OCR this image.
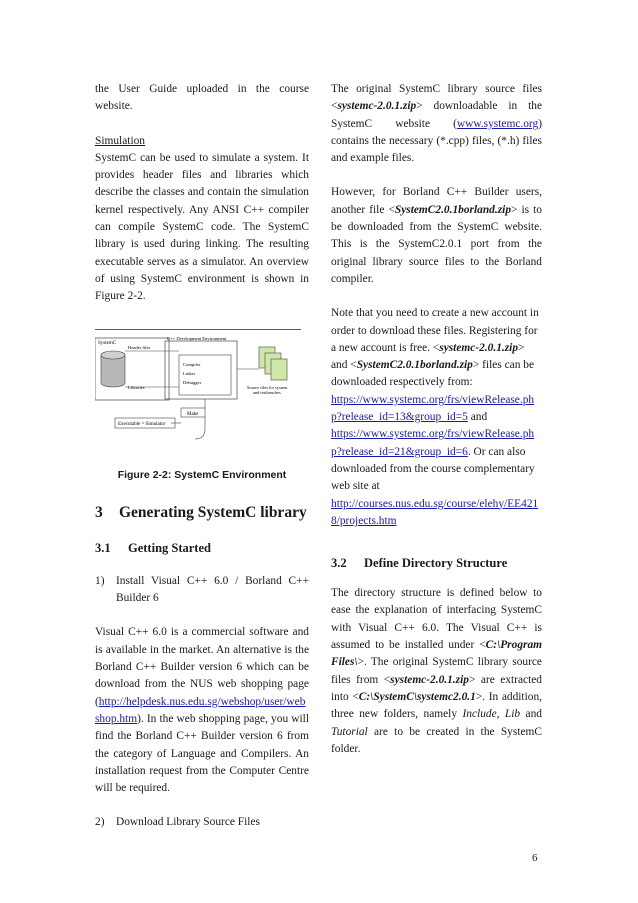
the User Guide uploaded in the course website.

Simulation

SystemC can be used to simulate a system. It provides header files and libraries which describe the classes and contain the simulation kernel respectively. Any ANSI C++ compiler can compile SystemC code. The SystemC library is used during linking. The resulting executable serves as a simulator. An overview of using SystemC environment is shown in Figure 2-2.

SystemC
C++ Development Environment
Header files
Libraries
Compiler
Linker
Debugger
Source files for system
and testbenches
Make
Executable = Simulator

Figure 2-2: SystemC Environment

3 Generating SystemC library
3.1 Getting Started
1)	Install Visual C++ 6.0 / Borland C++ Builder 6

Visual C++ 6.0 is a commercial software and is available in the market. An alternative is the Borland C++ Builder version 6 which can be download from the NUS web shopping page (http://helpdesk.nus.edu.sg/webshop/user/webshop.htm). In the web shopping page, you will find the Borland C++ Builder version 6 from the category of Language and Compilers. An installation request from the Computer Centre will be required.

2)	Download Library Source Files

The original SystemC library source files <systemc-2.0.1.zip> downloadable in the SystemC website (www.systemc.org) contains the necessary (*.cpp) files, (*.h) files and example files.

However, for Borland C++ Builder users, another file <SystemC2.0.1borland.zip> is to be downloaded from the SystemC website. This is the SystemC2.0.1 port from the original library source files to the Borland compiler.

Note that you need to create a new account in order to download these files. Registering for a new account is free. <systemc-2.0.1.zip> and <SystemC2.0.1borland.zip> files can be downloaded respectively from:
https://www.systemc.org/frs/viewRelease.php?release_id=13&group_id=5 and
https://www.systemc.org/frs/viewRelease.php?release_id=21&group_id=6. Or can also downloaded from the course complementary web site at
http://courses.nus.edu.sg/course/elehy/EE4218/projects.htm

3.2 Define Directory Structure

The directory structure is defined below to ease the explanation of interfacing SystemC with Visual C++ 6.0. The Visual C++ is assumed to be installed under <C:\Program Files\>. The original SystemC library source files from <systemc-2.0.1.zip> are extracted into <C:\SystemC\systemc2.0.1>. In addition, three new folders, namely Include, Lib and Tutorial are to be created in the SystemC folder.

6
